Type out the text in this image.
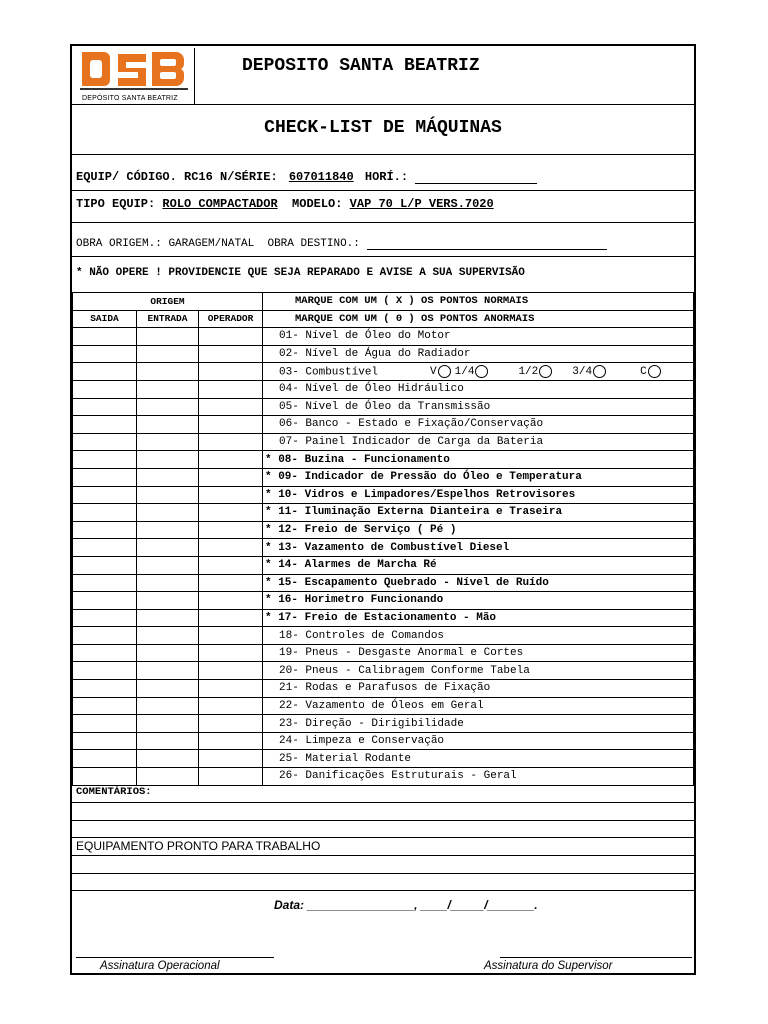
DEPÓSITO SANTA BEATRIZ
DEPOSITO SANTA BEATRIZ
CHECK-LIST DE MÁQUINAS
EQUIP/ CÓDIGO. RC16 N/SÉRIE: 607011840 HORÍ.:
TIPO EQUIP: ROLO COMPACTADOR MODELO: VAP 70 L/P VERS.7020
OBRA ORIGEM.: GARAGEM/NATAL OBRA DESTINO.:
* NÃO OPERE ! PROVIDENCIE QUE SEJA REPARADO E AVISE A SUA SUPERVISÃO
ORIGEM			MARQUE COM UM ( X ) OS PONTOS NORMAIS
SAIDA	ENTRADA	OPERADOR	MARQUE COM UM ( 0 ) OS PONTOS ANORMAIS
			01- Nível de Óleo do Motor
			02- Nível de Água do Radiador
			03- Combustível V 1/4 1/2 3/4 C
			04- Nível de Óleo Hidráulico
			05- Nível de Óleo da Transmissão
			06- Banco - Estado e Fixação/Conservação
			07- Painel Indicador de Carga da Bateria
			* 08- Buzina - Funcionamento
			* 09- Indicador de Pressão do Óleo e Temperatura
			* 10- Vidros e Limpadores/Espelhos Retrovisores
			* 11- Iluminação Externa Dianteira e Traseira
			* 12- Freio de Serviço ( Pé )
			* 13- Vazamento de Combustível Diesel
			* 14- Alarmes de Marcha Ré
			* 15- Escapamento Quebrado - Nível de Ruído
			* 16- Horimetro Funcionando
			* 17- Freio de Estacionamento - Mão
			18- Controles de Comandos
			19- Pneus - Desgaste Anormal e Cortes
			20- Pneus - Calibragem Conforme Tabela
			21- Rodas e Parafusos de Fixação
			22- Vazamento de Óleos em Geral
			23- Direção - Dirigibilidade
			24- Limpeza e Conservação
			25- Material Rodante
			26- Danificações Estruturais - Geral
COMENTÁRIOS:
EQUIPAMENTO PRONTO PARA TRABALHO
Data: ________________, ____/_____/_______.
Assinatura Operacional	Assinatura do Supervisor
